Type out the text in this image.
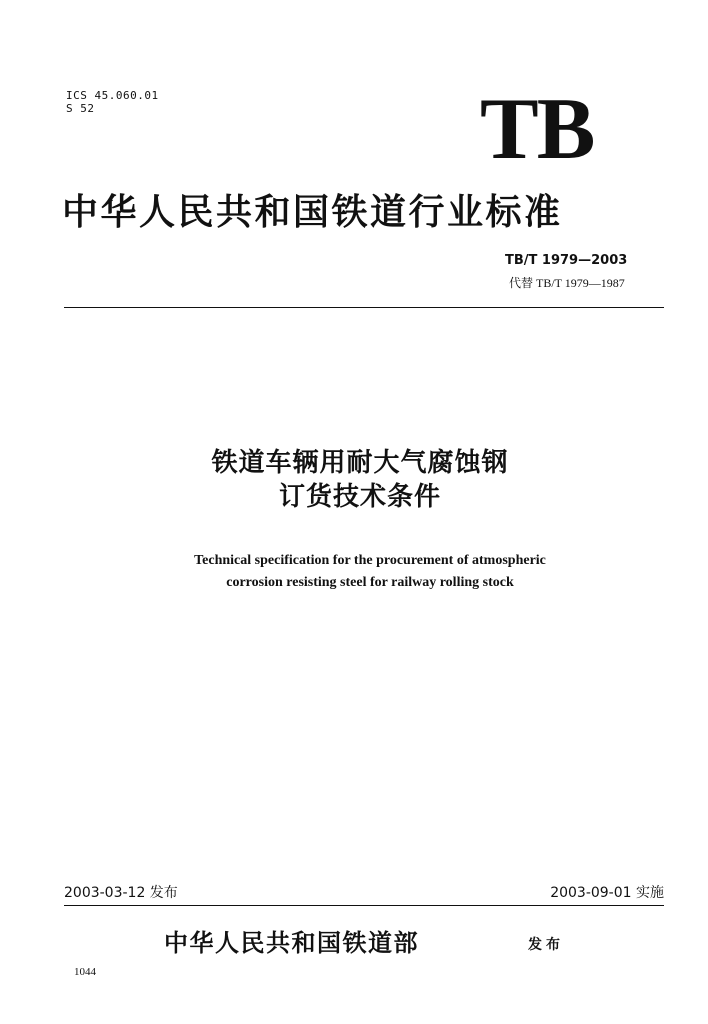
ICS 45.060.01
S 52	TB
中华人民共和国铁道行业标准
TB/T 1979—2003
代替 TB/T 1979—1987
铁道车辆用耐大气腐蚀钢
订货技术条件
Technical specification for the procurement of atmospheric
corrosion resisting steel for railway rolling stock
2003-03-12 发布	2003-09-01 实施
中华人民共和国铁道部	发布
1044
